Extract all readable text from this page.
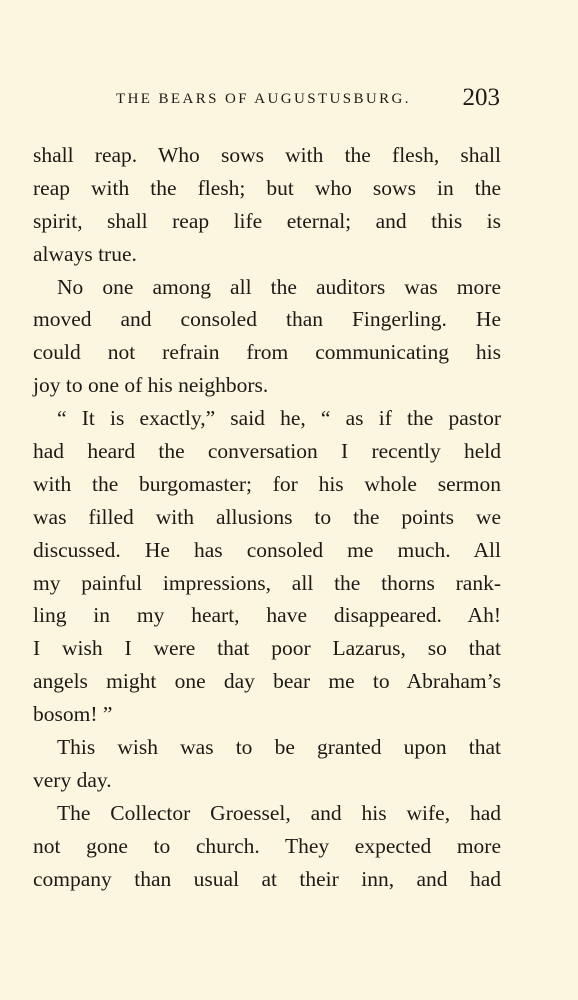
THE BEARS OF AUGUSTUSBURG. 203
shall reap. Who sows with the flesh, shall
reap with the flesh; but who sows in the
spirit, shall reap life eternal; and this is
always true.
No one among all the auditors was more
moved and consoled than Fingerling. He
could not refrain from communicating his
joy to one of his neighbors.
“ It is exactly,” said he, “ as if the pastor
had heard the conversation I recently held
with the burgomaster; for his whole sermon
was filled with allusions to the points we
discussed. He has consoled me much. All
my painful impressions, all the thorns rank-
ling in my heart, have disappeared. Ah!
I wish I were that poor Lazarus, so that
angels might one day bear me to Abraham’s
bosom! ”
This wish was to be granted upon that
very day.
The Collector Groessel, and his wife, had
not gone to church. They expected more
company than usual at their inn, and had
